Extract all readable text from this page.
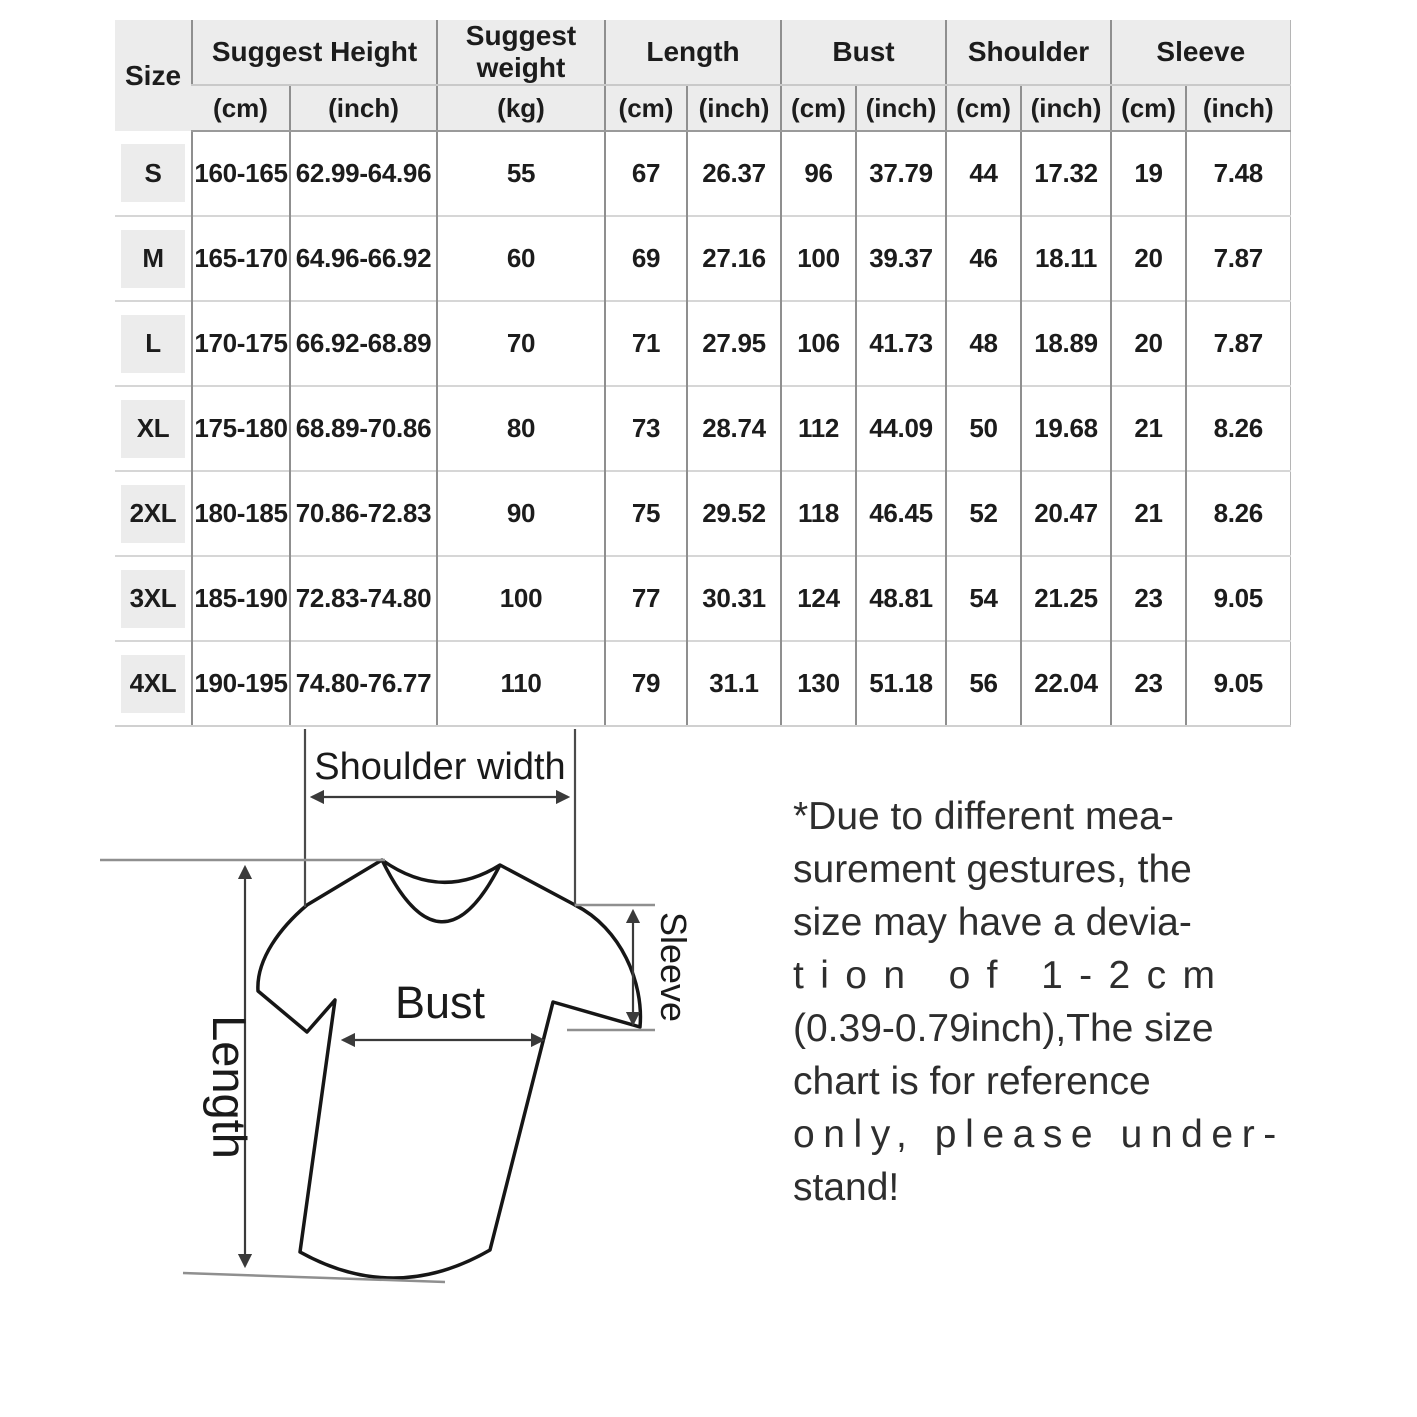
Size	Suggest Height		Suggest weight	Length		Bust		Shoulder		Sleeve	
	(cm)	(inch)	(kg)	(cm)	(inch)	(cm)	(inch)	(cm)	(inch)	(cm)	(inch)

S	160-165	62.99-64.96	55	67	26.37	96	37.79	44	17.32	19	7.48

M	165-170	64.96-66.92	60	69	27.16	100	39.37	46	18.11	20	7.87

L	170-175	66.92-68.89	70	71	27.95	106	41.73	48	18.89	20	7.87

XL	175-180	68.89-70.86	80	73	28.74	112	44.09	50	19.68	21	8.26

2XL	180-185	70.86-72.83	90	75	29.52	118	46.45	52	20.47	21	8.26

3XL	185-190	72.83-74.80	100	77	30.31	124	48.81	54	21.25	23	9.05

4XL	190-195	74.80-76.77	110	79	31.1	130	51.18	56	22.04	23	9.05
Shoulder width
Length
Bust	Sleeve
*Due to different mea-
surement gestures, the
size may have a devia-
tion of 1-2cm
(0.39-0.79inch),The size
chart is for reference
only, please under-
stand!
